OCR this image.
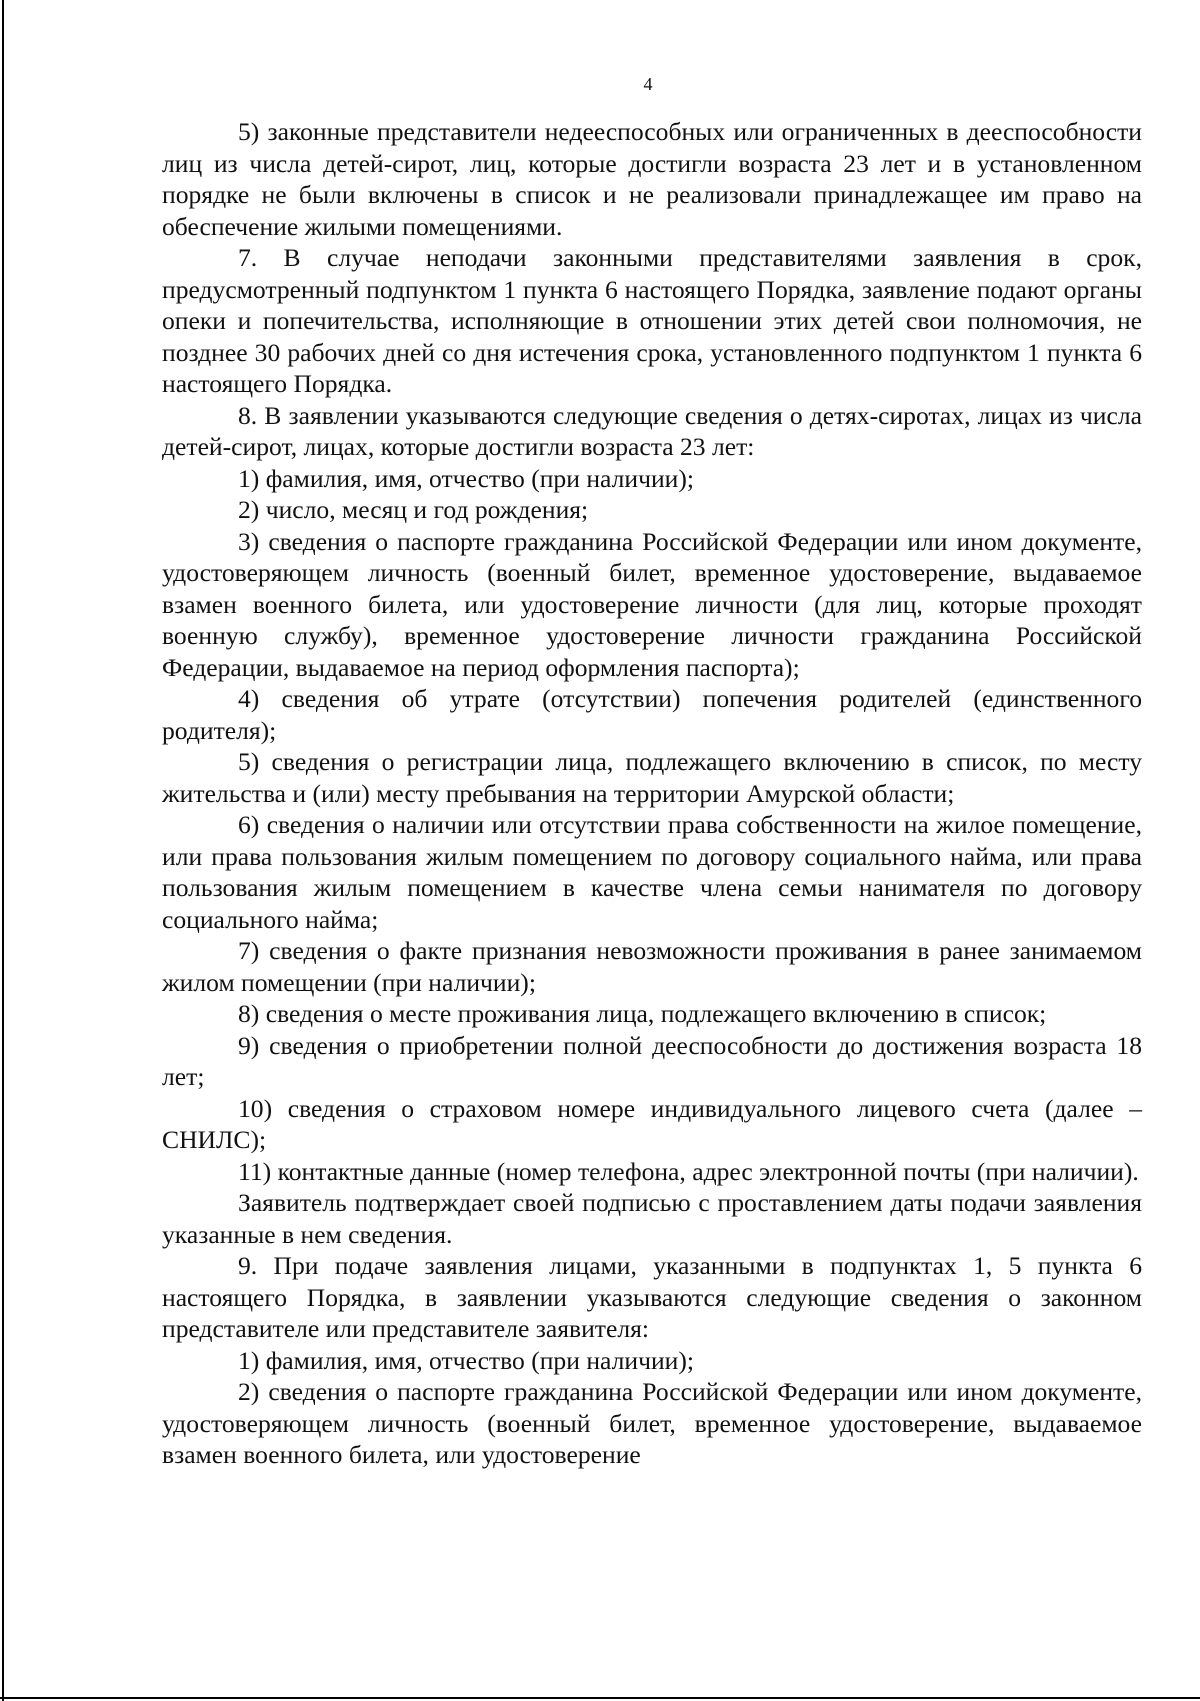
4

5) законные представители недееспособных или ограниченных в дееспособности лиц из числа детей-сирот, лиц, которые достигли возраста 23 лет и в установленном порядке не были включены в список и не реализовали принадлежащее им право на обеспечение жилыми помещениями.

7. В случае неподачи законными представителями заявления в срок, предусмотренный подпунктом 1 пункта 6 настоящего Порядка, заявление подают органы опеки и попечительства, исполняющие в отношении этих детей свои полномочия, не позднее 30 рабочих дней со дня истечения срока, установленного подпунктом 1 пункта 6 настоящего Порядка.

8. В заявлении указываются следующие сведения о детях-сиротах, лицах из числа детей-сирот, лицах, которые достигли возраста 23 лет:

1) фамилия, имя, отчество (при наличии);

2) число, месяц и год рождения;

3) сведения о паспорте гражданина Российской Федерации или ином документе, удостоверяющем личность (военный билет, временное удостоверение, выдаваемое взамен военного билета, или удостоверение личности (для лиц, которые проходят военную службу), временное удостоверение личности гражданина Российской Федерации, выдаваемое на период оформления паспорта);

4) сведения об утрате (отсутствии) попечения родителей (единственного родителя);

5) сведения о регистрации лица, подлежащего включению в список, по месту жительства и (или) месту пребывания на территории Амурской области;

6) сведения о наличии или отсутствии права собственности на жилое помещение, или права пользования жилым помещением по договору социального найма, или права пользования жилым помещением в качестве члена семьи нанимателя по договору социального найма;

7) сведения о факте признания невозможности проживания в ранее занимаемом жилом помещении (при наличии);

8) сведения о месте проживания лица, подлежащего включению в список;

9) сведения о приобретении полной дееспособности до достижения возраста 18 лет;

10) сведения о страховом номере индивидуального лицевого счета (далее – СНИЛС);

11) контактные данные (номер телефона, адрес электронной почты (при наличии).

Заявитель подтверждает своей подписью с проставлением даты подачи заявления указанные в нем сведения.

9. При подаче заявления лицами, указанными в подпунктах 1, 5 пункта 6 настоящего Порядка, в заявлении указываются следующие сведения о законном представителе или представителе заявителя:

1) фамилия, имя, отчество (при наличии);

2) сведения о паспорте гражданина Российской Федерации или ином документе, удостоверяющем личность (военный билет, временное удостоверение, выдаваемое взамен военного билета, или удостоверение
